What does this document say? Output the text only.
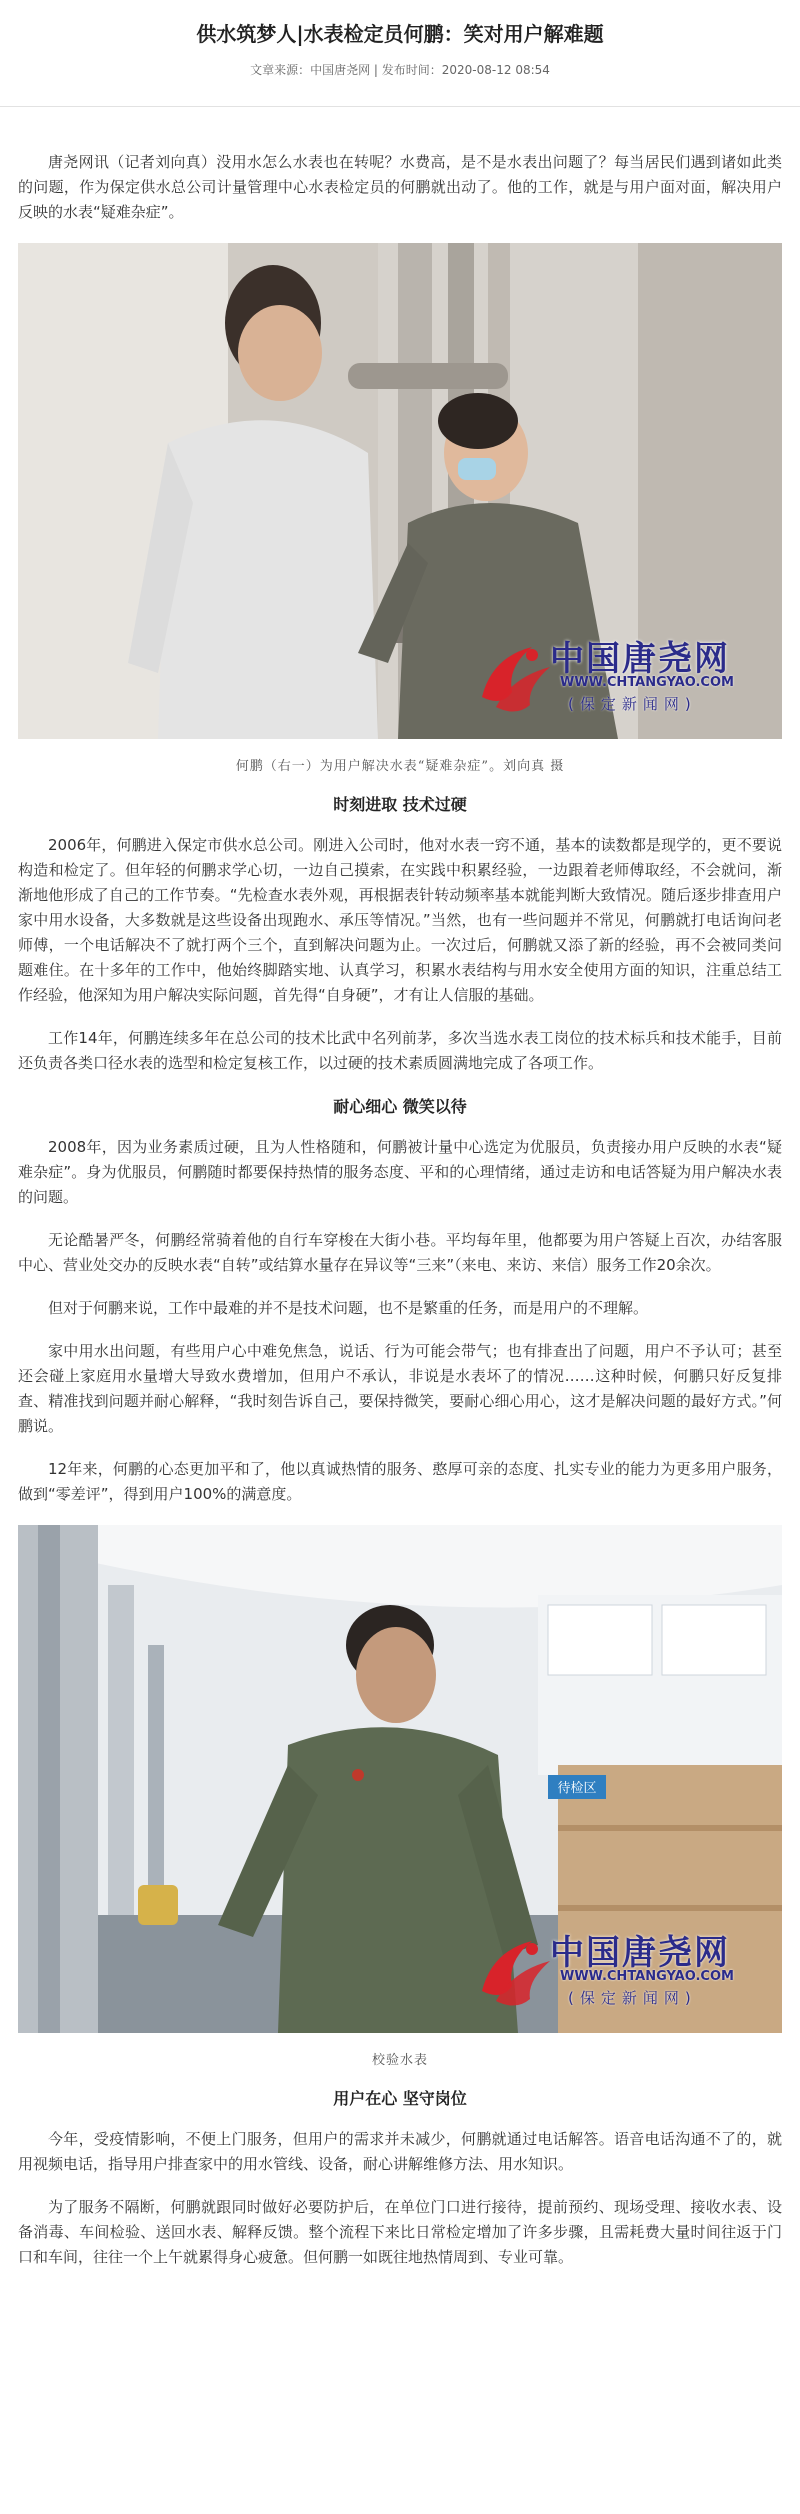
供水筑梦人|水表检定员何鹏：笑对用户解难题
文章来源：中国唐尧网 | 发布时间：2020-08-12 08:54

唐尧网讯（记者刘向真）没用水怎么水表也在转呢？水费高，是不是水表出问题了？每当居民们遇到诸如此类的问题，作为保定供水总公司计量管理中心水表检定员的何鹏就出动了。他的工作，就是与用户面对面，解决用户反映的水表“疑难杂症”。

中国唐尧网
WWW.CHTANGYAO.COM
(保定新闻网)
何鹏（右一）为用户解决水表“疑难杂症”。刘向真 摄
时刻进取 技术过硬

2006年，何鹏进入保定市供水总公司。刚进入公司时，他对水表一窍不通，基本的读数都是现学的，更不要说构造和检定了。但年轻的何鹏求学心切，一边自己摸索，在实践中积累经验，一边跟着老师傅取经，不会就问，渐渐地他形成了自己的工作节奏。“先检查水表外观，再根据表针转动频率基本就能判断大致情况。随后逐步排查用户家中用水设备，大多数就是这些设备出现跑水、承压等情况。”当然，也有一些问题并不常见，何鹏就打电话询问老师傅，一个电话解决不了就打两个三个，直到解决问题为止。一次过后，何鹏就又添了新的经验，再不会被同类问题难住。在十多年的工作中，他始终脚踏实地、认真学习，积累水表结构与用水安全使用方面的知识，注重总结工作经验，他深知为用户解决实际问题，首先得“自身硬”，才有让人信服的基础。

工作14年，何鹏连续多年在总公司的技术比武中名列前茅，多次当选水表工岗位的技术标兵和技术能手，目前还负责各类口径水表的选型和检定复核工作，以过硬的技术素质圆满地完成了各项工作。

耐心细心 微笑以待

2008年，因为业务素质过硬，且为人性格随和，何鹏被计量中心选定为优服员，负责接办用户反映的水表“疑难杂症”。身为优服员，何鹏随时都要保持热情的服务态度、平和的心理情绪，通过走访和电话答疑为用户解决水表的问题。

无论酷暑严冬，何鹏经常骑着他的自行车穿梭在大街小巷。平均每年里，他都要为用户答疑上百次，办结客服中心、营业处交办的反映水表“自转”或结算水量存在异议等“三来”（来电、来访、来信）服务工作20余次。

但对于何鹏来说，工作中最难的并不是技术问题，也不是繁重的任务，而是用户的不理解。

家中用水出问题，有些用户心中难免焦急，说话、行为可能会带气；也有排查出了问题，用户不予认可；甚至还会碰上家庭用水量增大导致水费增加，但用户不承认，非说是水表坏了的情况……这种时候，何鹏只好反复排查、精准找到问题并耐心解释，“我时刻告诉自己，要保持微笑，要耐心细心用心，这才是解决问题的最好方式。”何鹏说。

12年来，何鹏的心态更加平和了，他以真诚热情的服务、憨厚可亲的态度、扎实专业的能力为更多用户服务，做到“零差评”，得到用户100%的满意度。

待检区
中国唐尧网
WWW.CHTANGYAO.COM
(保定新闻网)
校验水表
用户在心 坚守岗位

今年，受疫情影响，不便上门服务，但用户的需求并未减少，何鹏就通过电话解答。语音电话沟通不了的，就用视频电话，指导用户排查家中的用水管线、设备，耐心讲解维修方法、用水知识。

为了服务不隔断，何鹏就跟同时做好必要防护后，在单位门口进行接待，提前预约、现场受理、接收水表、设备消毒、车间检验、送回水表、解释反馈。整个流程下来比日常检定增加了许多步骤，且需耗费大量时间往返于门口和车间，往往一个上午就累得身心疲惫。但何鹏一如既往地热情周到、专业可靠。
